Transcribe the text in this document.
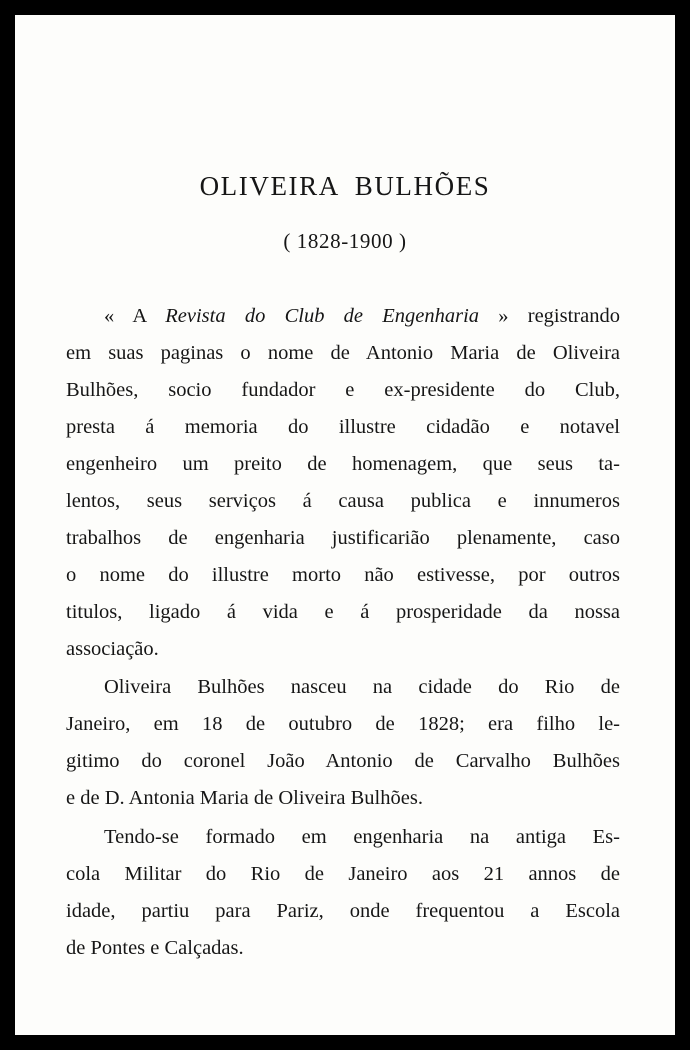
OLIVEIRA BULHÕES
( 1828-1900 )
« A Revista do Club de Engenharia » registrando
em suas paginas o nome de Antonio Maria de Oliveira
Bulhões, socio fundador e ex-presidente do Club,
presta á memoria do illustre cidadão e notavel
engenheiro um preito de homenagem, que seus ta-
lentos, seus serviços á causa publica e innumeros
trabalhos de engenharia justificarião plenamente, caso
o nome do illustre morto não estivesse, por outros
titulos, ligado á vida e á prosperidade da nossa
associação.
Oliveira Bulhões nasceu na cidade do Rio de
Janeiro, em 18 de outubro de 1828; era filho le-
gitimo do coronel João Antonio de Carvalho Bulhões
e de D. Antonia Maria de Oliveira Bulhões.
Tendo-se formado em engenharia na antiga Es-
cola Militar do Rio de Janeiro aos 21 annos de
idade, partiu para Pariz, onde frequentou a Escola
de Pontes e Calçadas.
